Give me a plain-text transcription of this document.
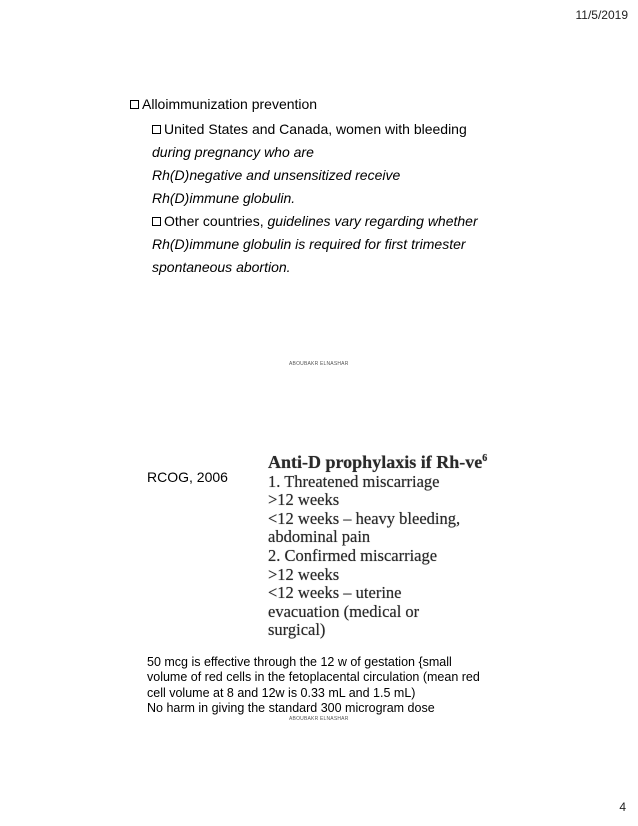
11/5/2019
Alloimmunization prevention
United States and Canada, women with bleeding
during pregnancy who are
Rh(D)negative and unsensitized receive
Rh(D)immune globulin.
Other countries, guidelines vary regarding whether
Rh(D)immune globulin is required for first trimester
spontaneous abortion.
ABOUBAKR ELNASHAR
RCOG, 2006
Anti-D prophylaxis if $Rh-ve^6$
1. Threatened miscarriage
>12 weeks
<12 weeks – heavy bleeding,
abdominal pain
2. Confirmed miscarriage
>12 weeks
<12 weeks – uterine
evacuation (medical or
surgical)
50 mcg is effective through the 12 w of gestation {small
volume of red cells in the fetoplacental circulation (mean red
cell volume at 8 and 12w is 0.33 mL and 1.5 mL)
No harm in giving the standard 300 microgram dose
ABOUBAKR ELNASHAR
4
